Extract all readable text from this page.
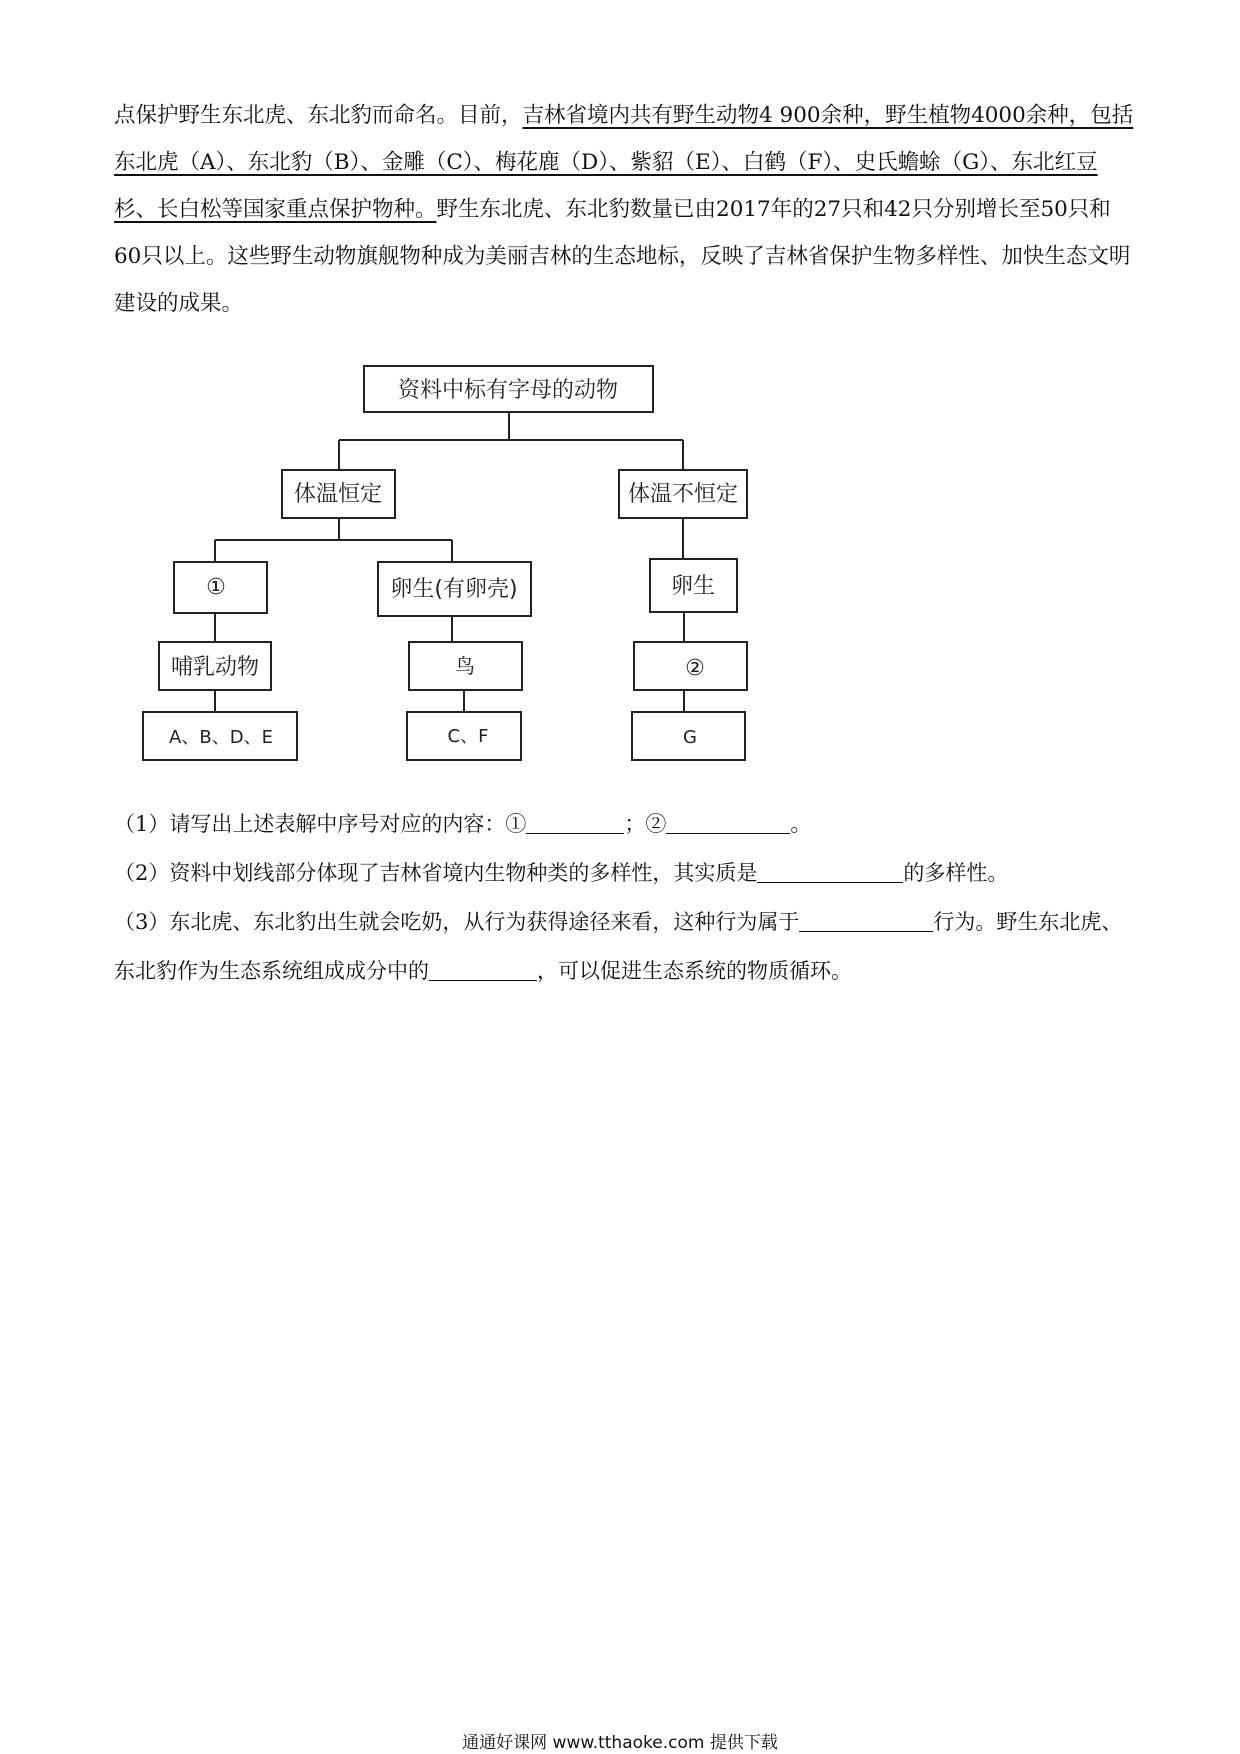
点保护野生东北虎、东北豹而命名。目前，吉林省境内共有野生动物4 900余种，野生植物4000余种，包括东北虎（A）、东北豹（B）、金雕（C）、梅花鹿（D）、紫貂（E）、白鹤（F）、史氏蟾蜍（G）、东北红豆杉、长白松等国家重点保护物种。野生东北虎、东北豹数量已由2017年的27只和42只分别增长至50只和60只以上。这些野生动物旗舰物种成为美丽吉林的生态地标，反映了吉林省保护生物多样性、加快生态文明建设的成果。

资料中标有字母的动物
体温恒定	体温不恒定
①	卵生(有卵壳)	卵生
哺乳动物	鸟	②
A、B、D、E	C、F	G

（1）请写出上述表解中序号对应的内容：①	；②	。

（2）资料中划线部分体现了吉林省境内生物种类的多样性，其实质是	的多样性。

（3）东北虎、东北豹出生就会吃奶，从行为获得途径来看，这种行为属于	行为。野生东北虎、东北豹作为生态系统组成成分中的	，可以促进生态系统的物质循环。

通通好课网 www.tthaoke.com 提供下载
